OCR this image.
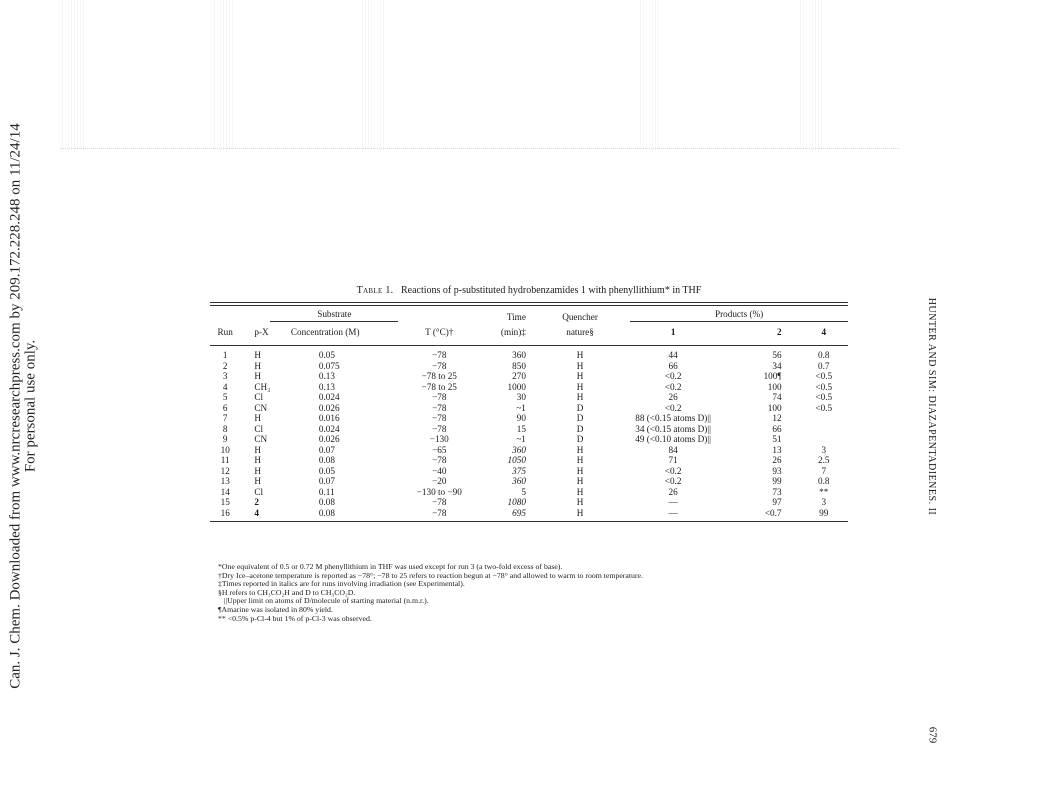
Can. J. Chem. Downloaded from www.nrcresearchpress.com by 209.172.228.248 on 11/24/14 For personal use only.	HUNTER AND SIM: DIAZAPENTADIENES. II
679
Table 1. Reactions of p-substituted hydrobenzamides 1 with phenyllithium* in THF

	Substrate			Time	Quencher	Products (%)		

Run	p-X	Concentration (M)	T (°C)†	(min)‡	nature§	1	2	4
1	H	0.05	−78	360	H	44	56	0.8
2	H	0.075	−78	850	H	66	34	0.7
3	H	0.13	−78 to 25	270	H	<0.2	100¶	<0.5
4	CH₃	0.13	−78 to 25	1000	H	<0.2	100	<0.5
5	Cl	0.024	−78	30	H	26	74	<0.5
6	CN	0.026	−78	~1	D	<0.2	100	<0.5
7	H	0.016	−78	90	D	88 (<0.15 atoms D)||	12	
8	Cl	0.024	−78	15	D	34 (<0.15 atoms D)||	66	
9	CN	0.026	−130	~1	D	49 (<0.10 atoms D)||	51	
10	H	0.07	−65	360	H	84	13	3
11	H	0.08	−78	1050	H	71	26	2.5
12	H	0.05	−40	375	H	<0.2	93	7
13	H	0.07	−20	360	H	<0.2	99	0.8
14	Cl	0.11	−130 to −90	5	H	26	73	**
15	2	0.08	−78	1080	H	—	97	3
16	4	0.08	−78	695	H	—	<0.7	99
*One equivalent of 0.5 or 0.72 M phenyllithium in THF was used except for run 3 (a two-fold excess of base).
†Dry Ice–acetone temperature is reported as −78°; −78 to 25 refers to reaction begun at −78° and allowed to warm to room temperature.
‡Times reported in italics are for runs involving irradiation (see Experimental).
§H refers to CH₃CO₂H and D to CH₃CO₂D.
||Upper limit on atoms of D/molecule of starting material (n.m.r.).
¶Amarine was isolated in 80% yield.
** <0.5% p-Cl-4 but 1% of p-Cl-3 was observed.
